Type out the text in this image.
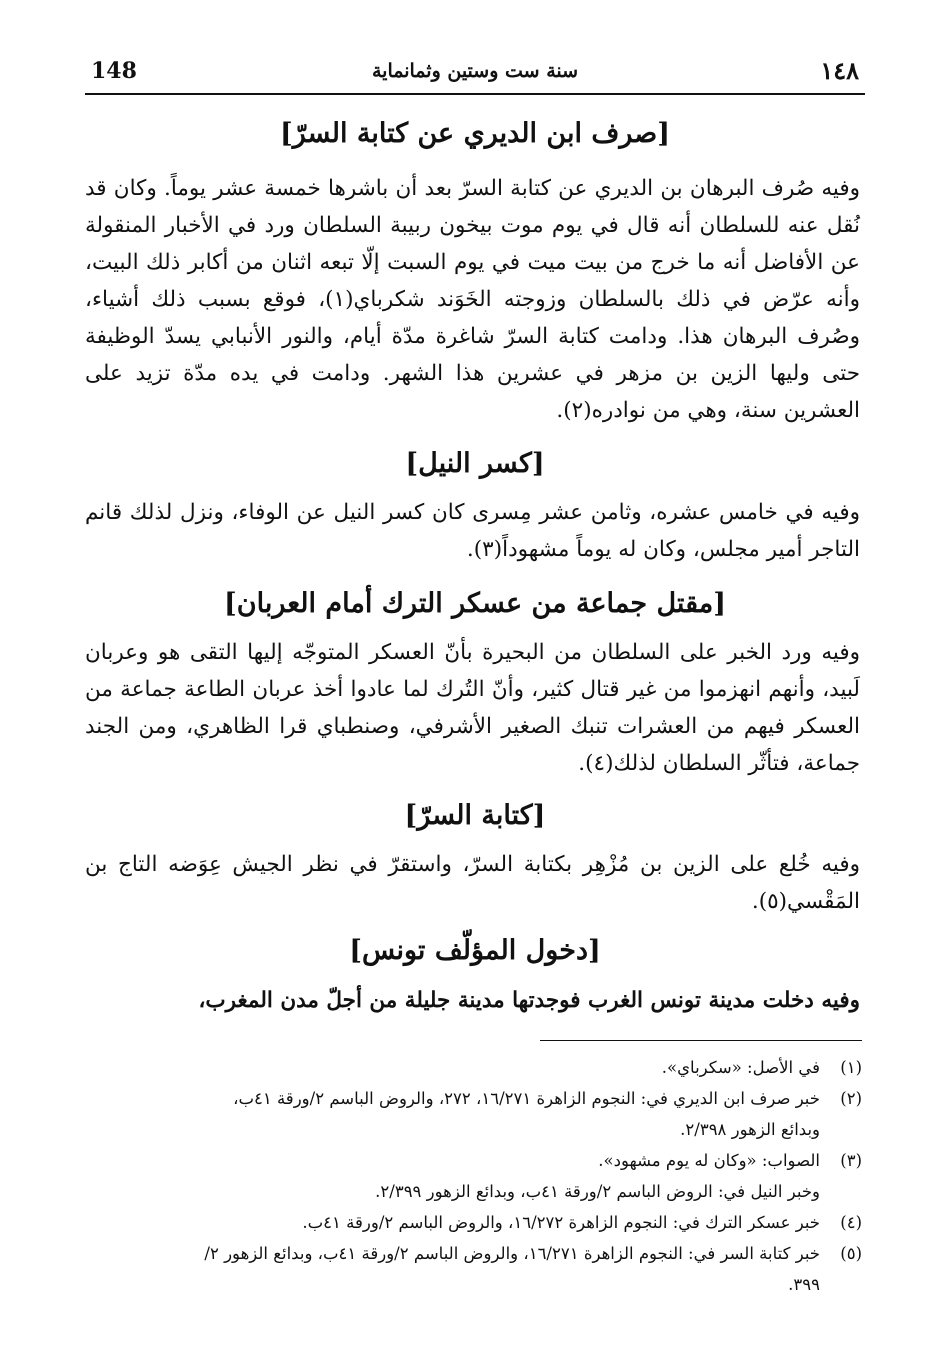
148	سنة ست وستين وثمانماية	١٤٨
[صرف ابن الديري عن كتابة السرّ]
وفيه صُرف البرهان بن الديري عن كتابة السرّ بعد أن باشرها خمسة عشر يوماً. وكان قد نُقل عنه للسلطان أنه قال في يوم موت بيخون ربيبة السلطان ورد في الأخبار المنقولة عن الأفاضل أنه ما خرج من بيت ميت في يوم السبت إلّا تبعه اثنان من أكابر ذلك البيت، وأنه عرّض في ذلك بالسلطان وزوجته الخَوَند شكرباي(١)، فوقع بسبب ذلك أشياء، وصُرف البرهان هذا. ودامت كتابة السرّ شاغرة مدّة أيام، والنور الأنبابي يسدّ الوظيفة حتى وليها الزين بن مزهر في عشرين هذا الشهر. ودامت في يده مدّة تزيد على العشرين سنة، وهي من نوادره(٢).
[كسر النيل]
وفيه في خامس عشره، وثامن عشر مِسرى كان كسر النيل عن الوفاء، ونزل لذلك قانم التاجر أمير مجلس، وكان له يوماً مشهوداً(٣).
[مقتل جماعة من عسكر الترك أمام العربان]
وفيه ورد الخبر على السلطان من البحيرة بأنّ العسكر المتوجّه إليها التقى هو وعربان لَبيد، وأنهم انهزموا من غير قتال كثير، وأنّ التُرك لما عادوا أخذ عربان الطاعة جماعة من العسكر فيهم من العشرات تنبك الصغير الأشرفي، وصنطباي قرا الظاهري، ومن الجند جماعة، فتأثّر السلطان لذلك(٤).
[كتابة السرّ]
وفيه خُلع على الزين بن مُزْهِر بكتابة السرّ، واستقرّ في نظر الجيش عِوَضه التاج بن المَقْسي(٥).
[دخول المؤلّف تونس]
وفيه دخلت مدينة تونس الغرب فوجدتها مدينة جليلة من أجلّ مدن المغرب،
(١)
في الأصل: «سكرباي».
(٢)
خبر صرف ابن الديري في: النجوم الزاهرة ١٦/٢٧١، ٢٧٢، والروض الباسم ٢/ورقة ٤١ب،
وبدائع الزهور ٢/٣٩٨.
(٣)
الصواب: «وكان له يوم مشهود».
وخبر النيل في: الروض الباسم ٢/ورقة ٤١ب، وبدائع الزهور ٢/٣٩٩.
(٤)
خبر عسكر الترك في: النجوم الزاهرة ١٦/٢٧٢، والروض الباسم ٢/ورقة ٤١ب.
(٥)
خبر كتابة السر في: النجوم الزاهرة ١٦/٢٧١، والروض الباسم ٢/ورقة ٤١ب، وبدائع الزهور ٢/
٣٩٩.
